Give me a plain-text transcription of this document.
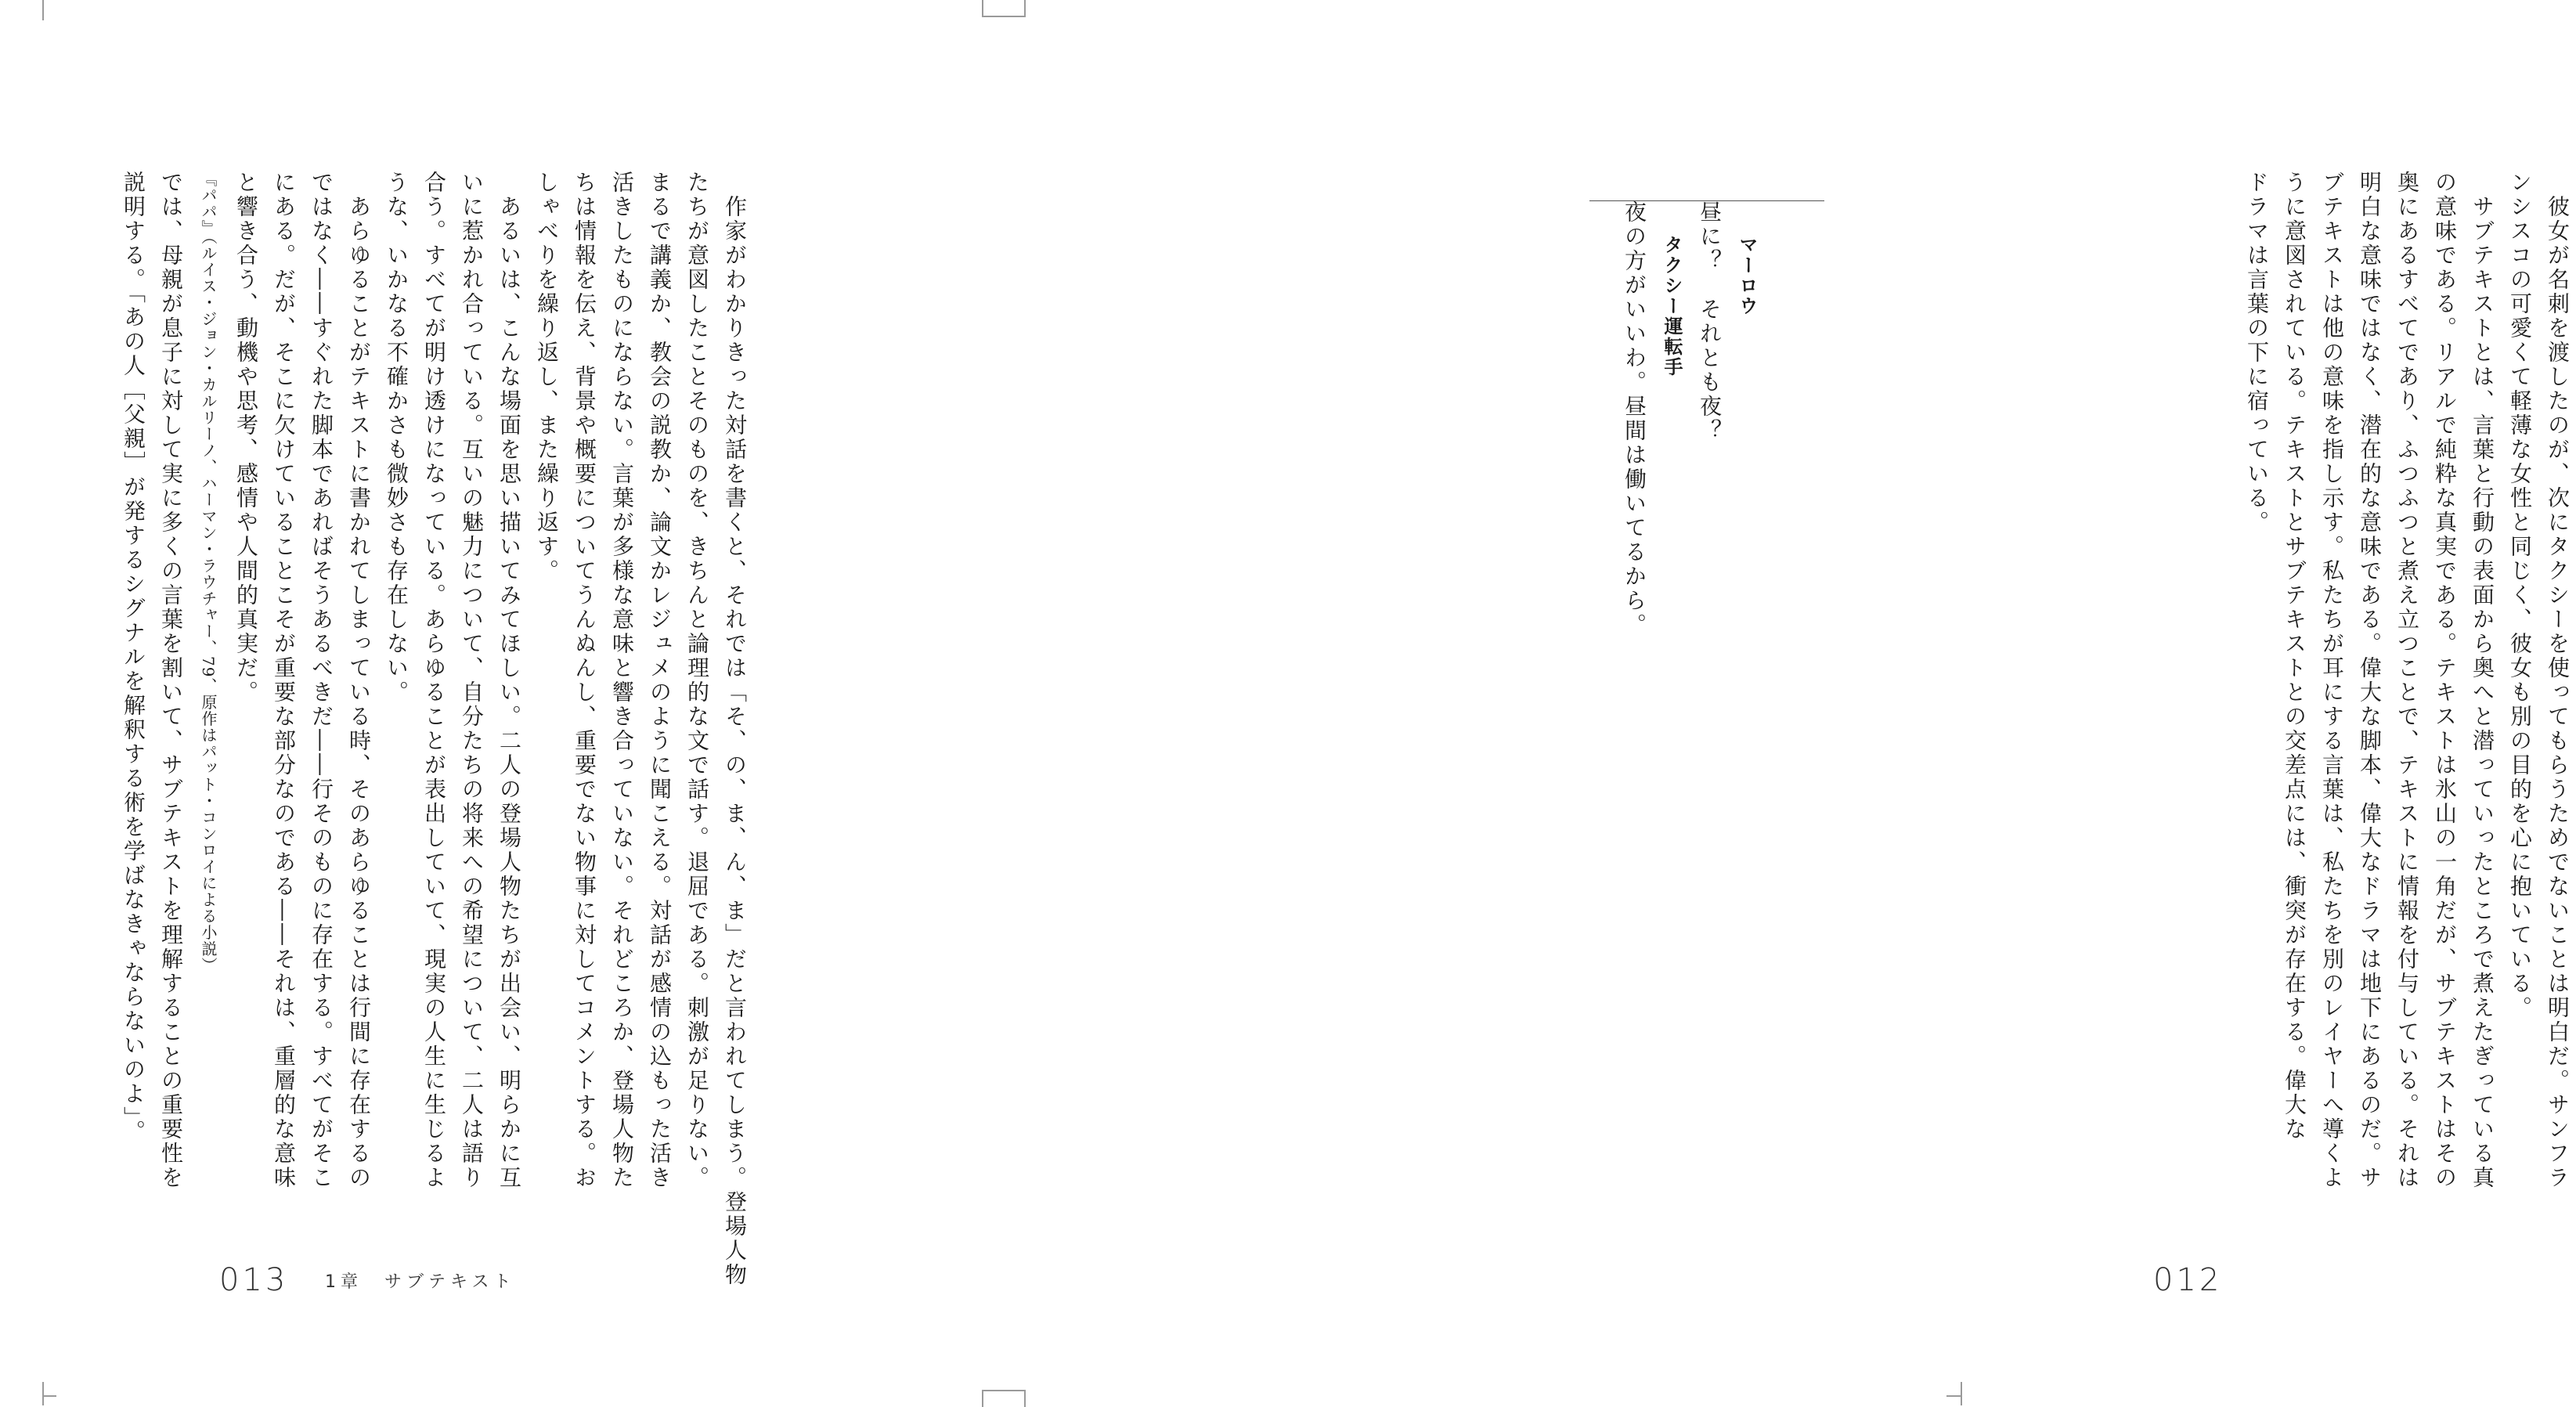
　作家がわかりきった対話を書くと、それでは「そ、の、ま、ん、ま」だと言われてしまう。登場人物
たちが意図したことそのものを、きちんと論理的な文で話す。退屈である。刺激が足りない。
まるで講義か、教会の説教か、論文かレジュメのように聞こえる。対話が感情の込もった活き
活きしたものにならない。言葉が多様な意味と響き合っていない。それどころか、登場人物た
ちは情報を伝え、背景や概要についてうんぬんし、重要でない物事に対してコメントする。お
しゃべりを繰り返し、また繰り返す。
　あるいは、こんな場面を思い描いてみてほしい。二人の登場人物たちが出会い、明らかに互
いに惹かれ合っている。互いの魅力について、自分たちの将来への希望について、二人は語り
合う。すべてが明け透けになっている。あらゆることが表出していて、現実の人生に生じるよ
うな、いかなる不確かさも微妙さも存在しない。
　あらゆることがテキストに書かれてしまっている時、そのあらゆることは行間に存在するの
ではなく――すぐれた脚本であればそうあるべきだ――行そのものに存在する。すべてがそこ
にある。だが、そこに欠けていることこそが重要な部分なのである――それは、重層的な意味
と響き合う、動機や思考、感情や人間的真実だ。
『パパ』（ルイス・ジョン・カルリーノ、ハーマン・ラウチャー、79、原作はパット・コンロイによる小説）
では、母親が息子に対して実に多くの言葉を割いて、サブテキストを理解することの重要性を
説明する。「あの人［父親］が発するシグナルを解釈する術を学ばなきゃならないのよ」。
013 1章　サブテキスト
　彼女が名刺を渡したのが、次にタクシーを使ってもらうためでないことは明白だ。サンフラ
ンシスコの可愛くて軽薄な女性と同じく、彼女も別の目的を心に抱いている。
　サブテキストとは、言葉と行動の表面から奥へと潜っていったところで煮えたぎっている真
の意味である。リアルで純粋な真実である。テキストは氷山の一角だが、サブテキストはその
奥にあるすべてであり、ふつふつと煮え立つことで、テキストに情報を付与している。それは
明白な意味ではなく、潜在的な意味である。偉大な脚本、偉大なドラマは地下にあるのだ。サ
ブテキストは他の意味を指し示す。私たちが耳にする言葉は、私たちを別のレイヤーへ導くよ
うに意図されている。テキストとサブテキストとの交差点には、衝突が存在する。偉大な
ドラマは言葉の下に宿っている。
012
マーロウ
昼に？　それとも夜？
タクシー運転手
夜の方がいいわ。昼間は働いてるから。
